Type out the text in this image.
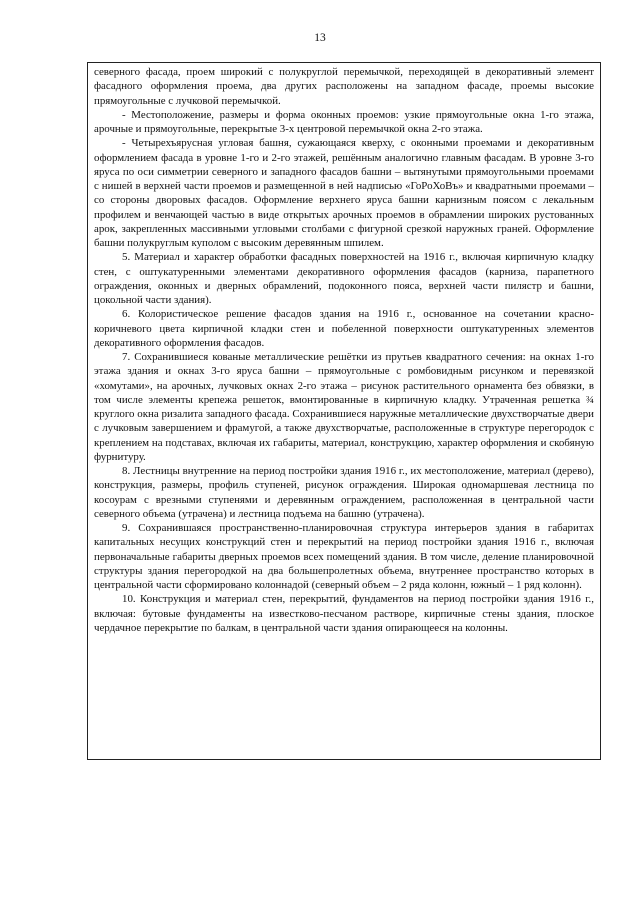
13

северного фасада, проем широкий с полукруглой перемычкой, переходящей в декоративный элемент фасадного оформления проема, два других расположены на западном фасаде, проемы высокие прямоугольные с лучковой перемычкой.

- Местоположение, размеры и форма оконных проемов: узкие прямоугольные окна 1-го этажа, арочные и прямоугольные, перекрытые 3-х центровой перемычкой окна 2-го этажа.

- Четырехъярусная угловая башня, сужающаяся кверху, с оконными проемами и декоративным оформлением фасада в уровне 1-го и 2-го этажей, решённым аналогично главным фасадам. В уровне 3-го яруса по оси симметрии северного и западного фасадов башни – вытянутыми прямоугольными проемами с нишей в верхней части проемов и размещенной в ней надписью «ГоРоХоВъ» и квадратными проемами – со стороны дворовых фасадов. Оформление верхнего яруса башни карнизным поясом с лекальным профилем и венчающей частью в виде открытых арочных проемов в обрамлении широких рустованных арок, закрепленных массивными угловыми столбами с фигурной срезкой наружных граней. Оформление башни полукруглым куполом с высоким деревянным шпилем.

5. Материал и характер обработки фасадных поверхностей на 1916 г., включая кирпичную кладку стен, с оштукатуренными элементами декоративного оформления фасадов (карниза, парапетного ограждения, оконных и дверных обрамлений, подоконного пояса, верхней части пилястр и башни, цокольной части здания).

6. Колористическое решение фасадов здания на 1916 г., основанное на сочетании красно-коричневого цвета кирпичной кладки стен и побеленной поверхности оштукатуренных элементов декоративного оформления фасадов.

7. Сохранившиеся кованые металлические решётки из прутьев квадратного сечения: на окнах 1-го этажа здания и окнах 3-го яруса башни – прямоугольные с ромбовидным рисунком и перевязкой «хомутами», на арочных, лучковых окнах 2-го этажа – рисунок растительного орнамента без обвязки, в том числе элементы крепежа решеток, вмонтированные в кирпичную кладку. Утраченная решетка ¾ круглого окна ризалита западного фасада. Сохранившиеся наружные металлические двухстворчатые двери с лучковым завершением и фрамугой, а также двухстворчатые, расположенные в структуре перегородок с креплением на подставах, включая их габариты, материал, конструкцию, характер оформления и скобяную фурнитуру.

8. Лестницы внутренние на период постройки здания 1916 г., их местоположение, материал (дерево), конструкция, размеры, профиль ступеней, рисунок ограждения. Широкая одномаршевая лестница по косоурам с врезными ступенями и деревянным ограждением, расположенная в центральной части северного объема (утрачена) и лестница подъема на башню (утрачена).

9. Сохранившаяся пространственно-планировочная структура интерьеров здания в габаритах капитальных несущих конструкций стен и перекрытий на период постройки здания 1916 г., включая первоначальные габариты дверных проемов всех помещений здания. В том числе, деление планировочной структуры здания перегородкой на два большепролетных объема, внутреннее пространство которых в центральной части сформировано колоннадой (северный объем – 2 ряда колонн, южный – 1 ряд колонн).

10. Конструкция и материал стен, перекрытий, фундаментов на период постройки здания 1916 г., включая: бутовые фундаменты на известково-песчаном растворе, кирпичные стены здания, плоское чердачное перекрытие по балкам, в центральной части здания опирающееся на колонны.
